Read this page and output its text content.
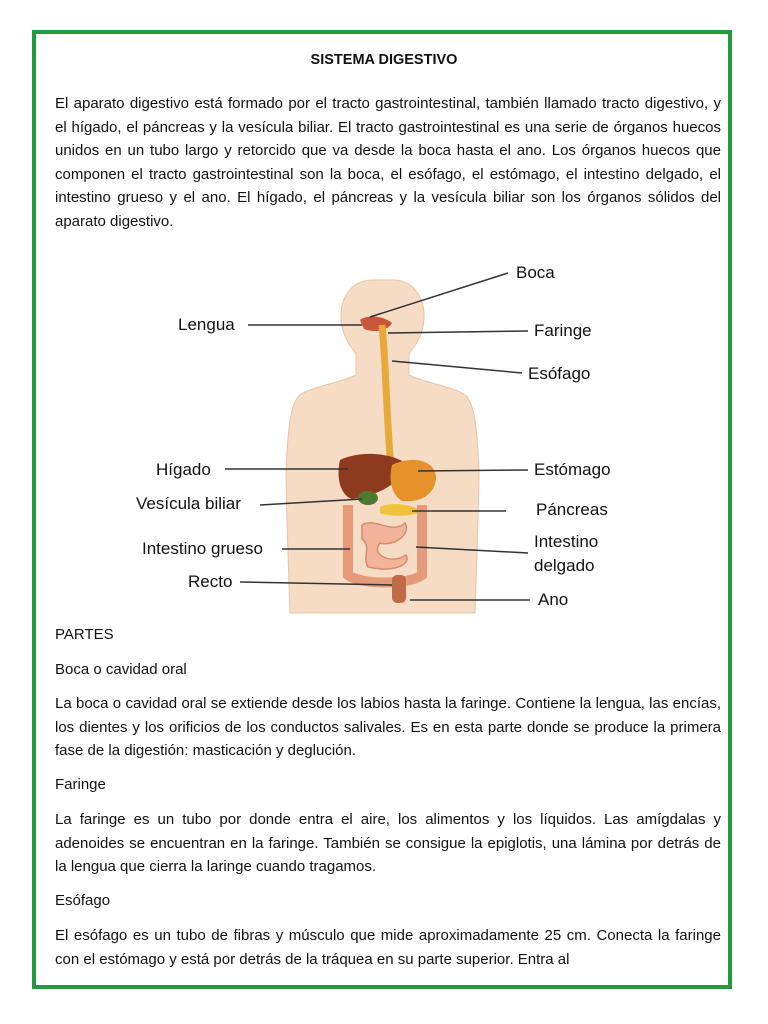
SISTEMA DIGESTIVO

El aparato digestivo está formado por el tracto gastrointestinal, también llamado tracto digestivo, y el hígado, el páncreas y la vesícula biliar. El tracto gastrointestinal es una serie de órganos huecos unidos en un tubo largo y retorcido que va desde la boca hasta el ano. Los órganos huecos que componen el tracto gastrointestinal son la boca, el esófago, el estómago, el intestino delgado, el intestino grueso y el ano. El hígado, el páncreas y la vesícula biliar son los órganos sólidos del aparato digestivo.

Boca
Lengua	Faringe
Esófago
Hígado	Estómago
Vesícula biliar	Páncreas
Intestino grueso	Intestino
delgado
Recto
Ano

PARTES

Boca o cavidad oral

La boca o cavidad oral se extiende desde los labios hasta la faringe. Contiene la lengua, las encías, los dientes y los orificios de los conductos salivales. Es en esta parte donde se produce la primera fase de la digestión: masticación y deglución.

Faringe

La faringe es un tubo por donde entra el aire, los alimentos y los líquidos. Las amígdalas y adenoides se encuentran en la faringe. También se consigue la epiglotis, una lámina por detrás de la lengua que cierra la laringe cuando tragamos.

Esófago

El esófago es un tubo de fibras y músculo que mide aproximadamente 25 cm. Conecta la faringe con el estómago y está por detrás de la tráquea en su parte superior. Entra al
